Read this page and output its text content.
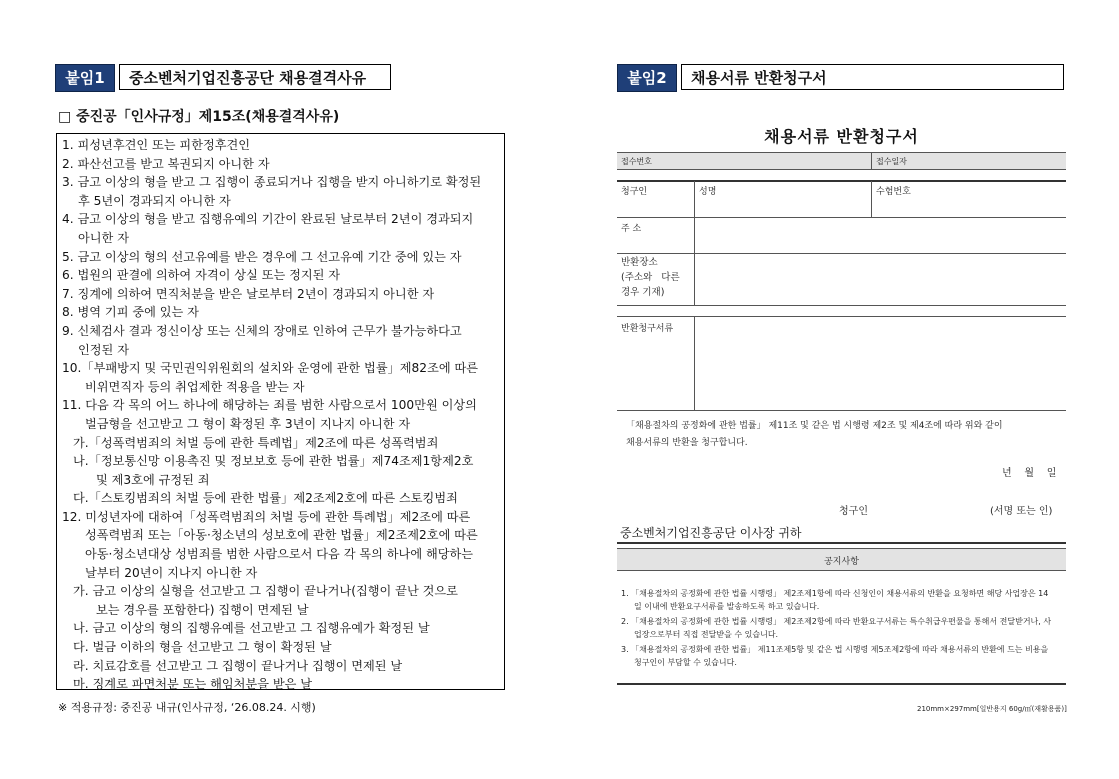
붙임1	중소벤처기업진흥공단 채용결격사유
□ 중진공「인사규정」제15조(채용결격사유)
1. 피성년후견인 또는 피한정후견인
2. 파산선고를 받고 복권되지 아니한 자
3. 금고 이상의 형을 받고 그 집행이 종료되거나 집행을 받지 아니하기로 확정된
후 5년이 경과되지 아니한 자
4. 금고 이상의 형을 받고 집행유예의 기간이 완료된 날로부터 2년이 경과되지
아니한 자
5. 금고 이상의 형의 선고유예를 받은 경우에 그 선고유예 기간 중에 있는 자
6. 법원의 판결에 의하여 자격이 상실 또는 정지된 자
7. 징계에 의하여 면직처분을 받은 날로부터 2년이 경과되지 아니한 자
8. 병역 기피 중에 있는 자
9. 신체검사 결과 정신이상 또는 신체의 장애로 인하여 근무가 불가능하다고
인정된 자
10.「부패방지 및 국민권익위원회의 설치와 운영에 관한 법률」제82조에 따른
비위면직자 등의 취업제한 적용을 받는 자
11. 다음 각 목의 어느 하나에 해당하는 죄를 범한 사람으로서 100만원 이상의
벌금형을 선고받고 그 형이 확정된 후 3년이 지나지 아니한 자
가.「성폭력범죄의 처벌 등에 관한 특례법」제2조에 따른 성폭력범죄
나.「정보통신망 이용촉진 및 정보보호 등에 관한 법률」제74조제1항제2호
및 제3호에 규정된 죄
다.「스토킹범죄의 처벌 등에 관한 법률」제2조제2호에 따른 스토킹범죄
12. 미성년자에 대하여「성폭력범죄의 처벌 등에 관한 특례법」제2조에 따른
성폭력범죄 또는「아동·청소년의 성보호에 관한 법률」제2조제2호에 따른
아동·청소년대상 성범죄를 범한 사람으로서 다음 각 목의 하나에 해당하는
날부터 20년이 지나지 아니한 자
가. 금고 이상의 실형을 선고받고 그 집행이 끝나거나(집행이 끝난 것으로
보는 경우를 포함한다) 집행이 면제된 날
나. 금고 이상의 형의 집행유예를 선고받고 그 집행유예가 확정된 날
다. 벌금 이하의 형을 선고받고 그 형이 확정된 날
라. 치료감호를 선고받고 그 집행이 끝나거나 집행이 면제된 날
마. 징계로 파면처분 또는 해임처분을 받은 날
※ 적용규정: 중진공 내규(인사규정, ‘26.08.24. 시행)
붙임2	채용서류 반환청구서
채용서류 반환청구서
접수번호	접수일자
청구인	성명	수험번호
주 소
반환장소
(주소와   다른
경우 기재)
반환청구서류
「채용절차의 공정화에 관한 법률」 제11조 및 같은 법 시행령 제2조 및 제4조에 따라 위와 같이
채용서류의 반환을 청구합니다.
년    월    일
청구인	(서명 또는 인)
중소벤처기업진흥공단 이사장 귀하
공지사항
1. 「채용절차의 공정화에 관한 법률 시행령」 제2조제1항에 따라 신청인이 채용서류의 반환을 요청하면 해당 사업장은 14
일 이내에 반환요구서류를 발송하도록 하고 있습니다.
2. 「채용절차의 공정화에 관한 법률 시행령」 제2조제2항에 따라 반환요구서류는 특수취급우편물을 통해서 전달받거나, 사
업장으로부터 직접 전달받을 수 있습니다.
3. 「채용절차의 공정화에 관한 법률」 제11조제5항 및 같은 법 시행령 제5조제2항에 따라 채용서류의 반환에 드는 비용을
청구인이 부담할 수 있습니다.
210mm×297mm[일반용지 60g/㎡(재활용품)]
